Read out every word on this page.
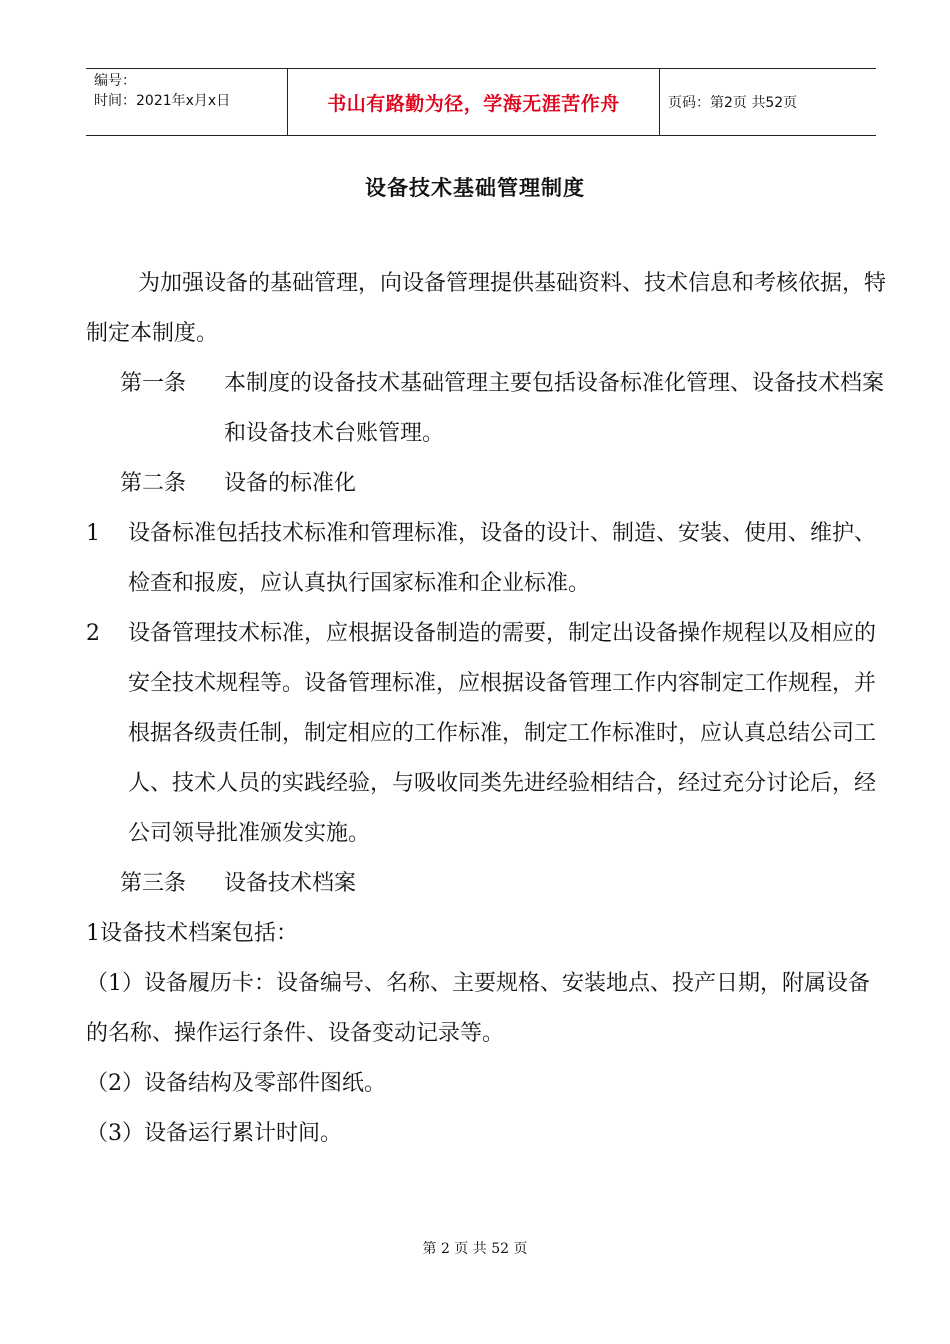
编号：
时间：2021年x月x日	书山有路勤为径，学海无涯苦作舟	页码：第2页 共52页
设备技术基础管理制度

为加强设备的基础管理，向设备管理提供基础资料、技术信息和考核依据，特制定本制度。

第一条	本制度的设备技术基础管理主要包括设备标准化管理、设备技术档案和设备技术台账管理。
第二条	设备的标准化
1	设备标准包括技术标准和管理标准，设备的设计、制造、安装、使用、维护、检查和报废，应认真执行国家标准和企业标准。
2	设备管理技术标准，应根据设备制造的需要，制定出设备操作规程以及相应的安全技术规程等。设备管理标准，应根据设备管理工作内容制定工作规程，并根据各级责任制，制定相应的工作标准，制定工作标准时，应认真总结公司工人、技术人员的实践经验，与吸收同类先进经验相结合，经过充分讨论后，经公司领导批准颁发实施。
第三条	设备技术档案

1设备技术档案包括：

（1）设备履历卡：设备编号、名称、主要规格、安装地点、投产日期，附属设备的名称、操作运行条件、设备变动记录等。

（2）设备结构及零部件图纸。

（3）设备运行累计时间。

第 2 页 共 52 页
